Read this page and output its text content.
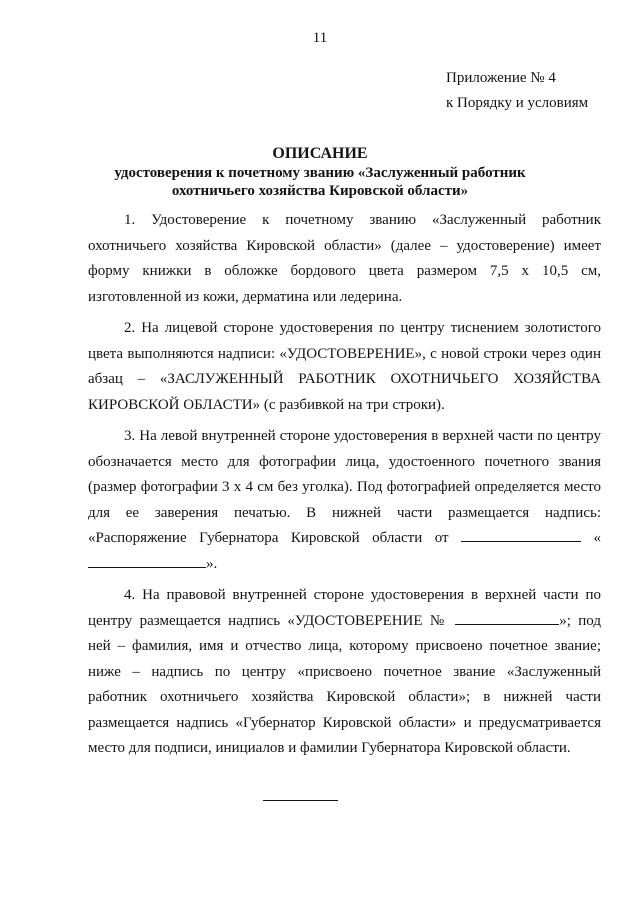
11
Приложение № 4
к Порядку и условиям
ОПИСАНИЕ
удостоверения к почетному званию «Заслуженный работник
охотничьего хозяйства Кировской области»

1. Удостоверение к почетному званию «Заслуженный работник охотничьего хозяйства Кировской области» (далее – удостоверение) имеет форму книжки в обложке бордового цвета размером 7,5 х 10,5 см, изготовленной из кожи, дерматина или ледерина.

2. На лицевой стороне удостоверения по центру тиснением золотистого цвета выполняются надписи: «УДОСТОВЕРЕНИЕ», с новой строки через один абзац – «ЗАСЛУЖЕННЫЙ РАБОТНИК ОХОТНИЧЬЕГО ХОЗЯЙСТВА КИРОВСКОЙ ОБЛАСТИ» (с разбивкой на три строки).

3. На левой внутренней стороне удостоверения в верхней части по центру обозначается место для фотографии лица, удостоенного почетного звания (размер фотографии 3 х 4 см без уголка). Под фотографией определяется место для ее заверения печатью. В нижней части размещается надпись: «Распоряжение Губернатора Кировской области от	«».

4. На правовой внутренней стороне удостоверения в верхней части по центру размещается надпись «УДОСТОВЕРЕНИЕ №	»; под ней – фамилия, имя и отчество лица, которому присвоено почетное звание; ниже – надпись по центру «присвоено почетное звание «Заслуженный работник охотничьего хозяйства Кировской области»; в нижней части размещается надпись «Губернатор Кировской области» и предусматривается место для подписи, инициалов и фамилии Губернатора Кировской области.
